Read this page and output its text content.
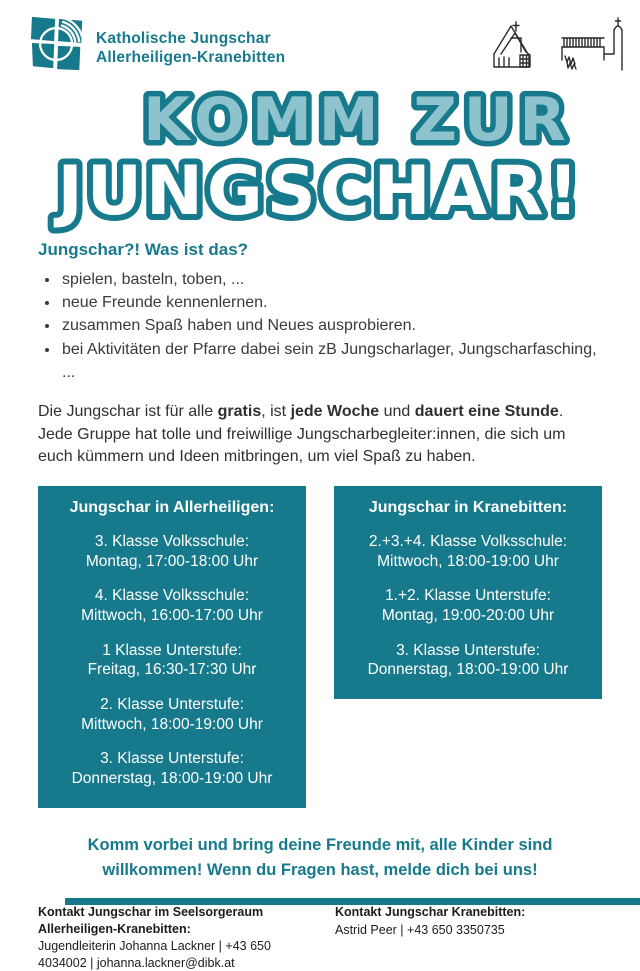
Katholische Jungschar
Allerheiligen-Kranebitten
KOMM ZUR
JUNGSCHAR!
Jungschar?! Was ist das?
• spielen, basteln, toben, ...
• neue Freunde kennenlernen.
• zusammen Spaß haben und Neues ausprobieren.
• bei Aktivitäten der Pfarre dabei sein zB Jungscharlager, Jungscharfasching, ...
Die Jungschar ist für alle gratis, ist jede Woche und dauert eine Stunde. Jede Gruppe hat tolle und freiwillige Jungscharbegleiter:innen, die sich um euch kümmern und Ideen mitbringen, um viel Spaß zu haben.
Jungschar in Allerheiligen:
3. Klasse Volksschule:
Montag, 17:00-18:00 Uhr
4. Klasse Volksschule:
Mittwoch, 16:00-17:00 Uhr
1 Klasse Unterstufe:
Freitag, 16:30-17:30 Uhr
2. Klasse Unterstufe:
Mittwoch, 18:00-19:00 Uhr
3. Klasse Unterstufe:
Donnerstag, 18:00-19:00 Uhr
Jungschar in Kranebitten:
2.+3.+4. Klasse Volksschule:
Mittwoch, 18:00-19:00 Uhr
1.+2. Klasse Unterstufe:
Montag, 19:00-20:00 Uhr
3. Klasse Unterstufe:
Donnerstag, 18:00-19:00 Uhr
Komm vorbei und bring deine Freunde mit, alle Kinder sind willkommen! Wenn du Fragen hast, melde dich bei uns!
Kontakt Jungschar im Seelsorgeraum Allerheiligen-Kranebitten:
Jugendleiterin Johanna Lackner | +43 650 4034002 | johanna.lackner@dibk.at
Kontakt Jungschar Kranebitten:
Astrid Peer | +43 650 3350735
